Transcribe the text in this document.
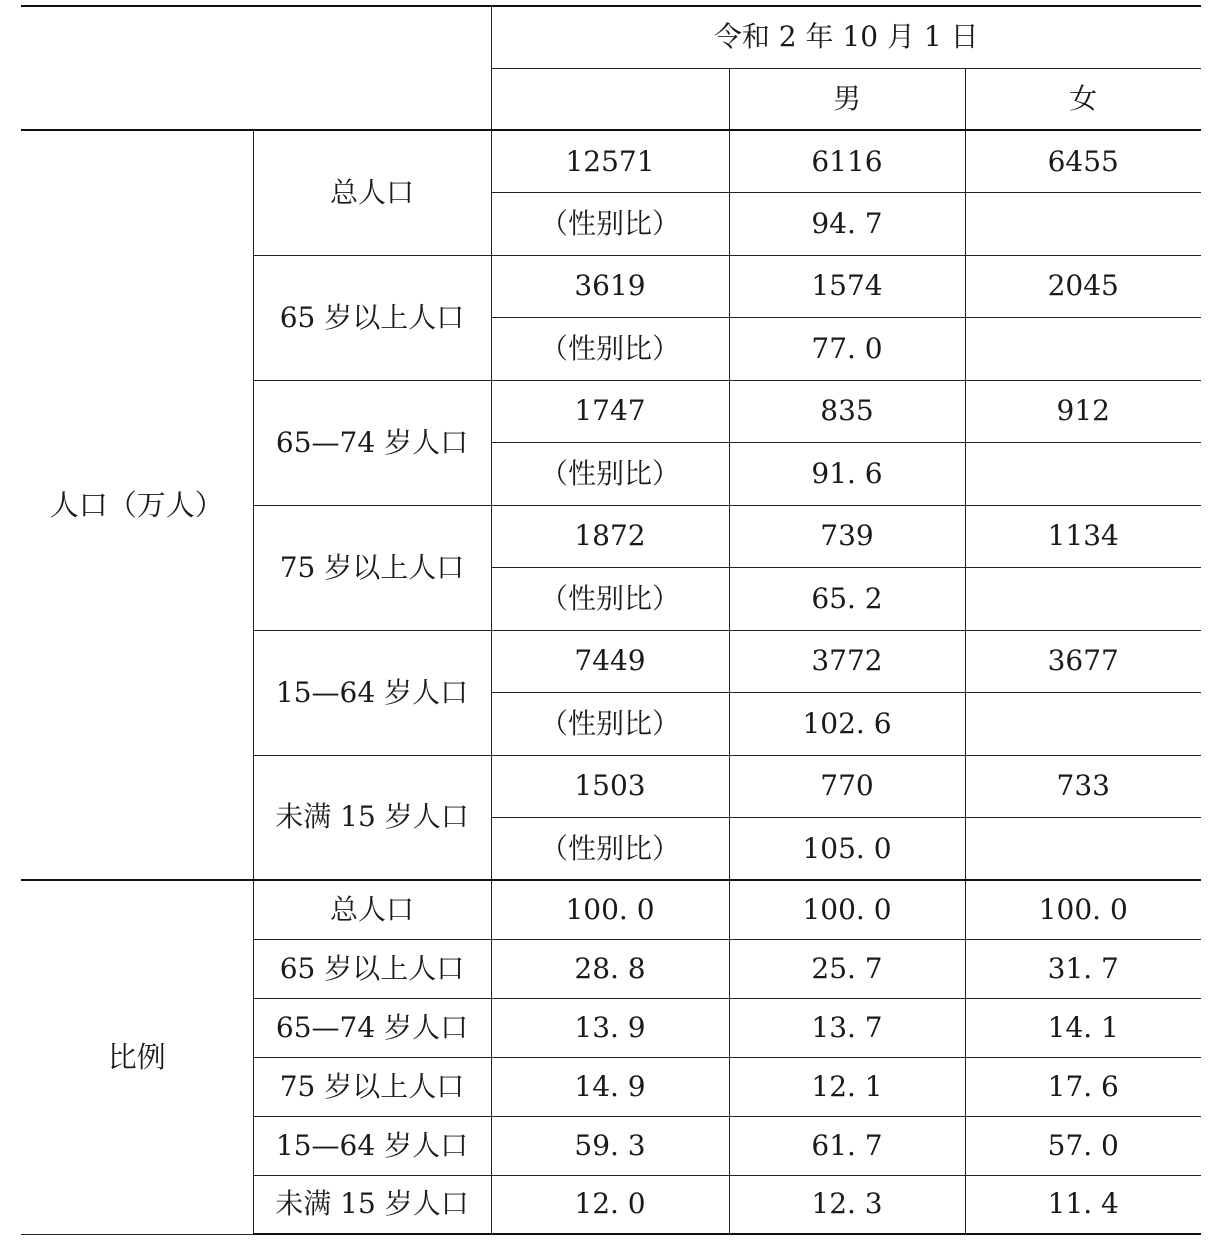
		令和 2 年 10 月 1 日		
			男	女
人口（万人）	总人口	12571	6116	6455
		（性别比）	94. 7	
	65 岁以上人口	3619	1574	2045
		（性别比）	77. 0	
	65—74 岁人口	1747	835	912
		（性别比）	91. 6	
	75 岁以上人口	1872	739	1134
		（性别比）	65. 2	
	15—64 岁人口	7449	3772	3677
		（性别比）	102. 6	
	未满 15 岁人口	1503	770	733
		（性别比）	105. 0	
比例	总人口	100. 0	100. 0	100. 0
	65 岁以上人口	28. 8	25. 7	31. 7
	65—74 岁人口	13. 9	13. 7	14. 1
	75 岁以上人口	14. 9	12. 1	17. 6
	15—64 岁人口	59. 3	61. 7	57. 0
	未满 15 岁人口	12. 0	12. 3	11. 4
